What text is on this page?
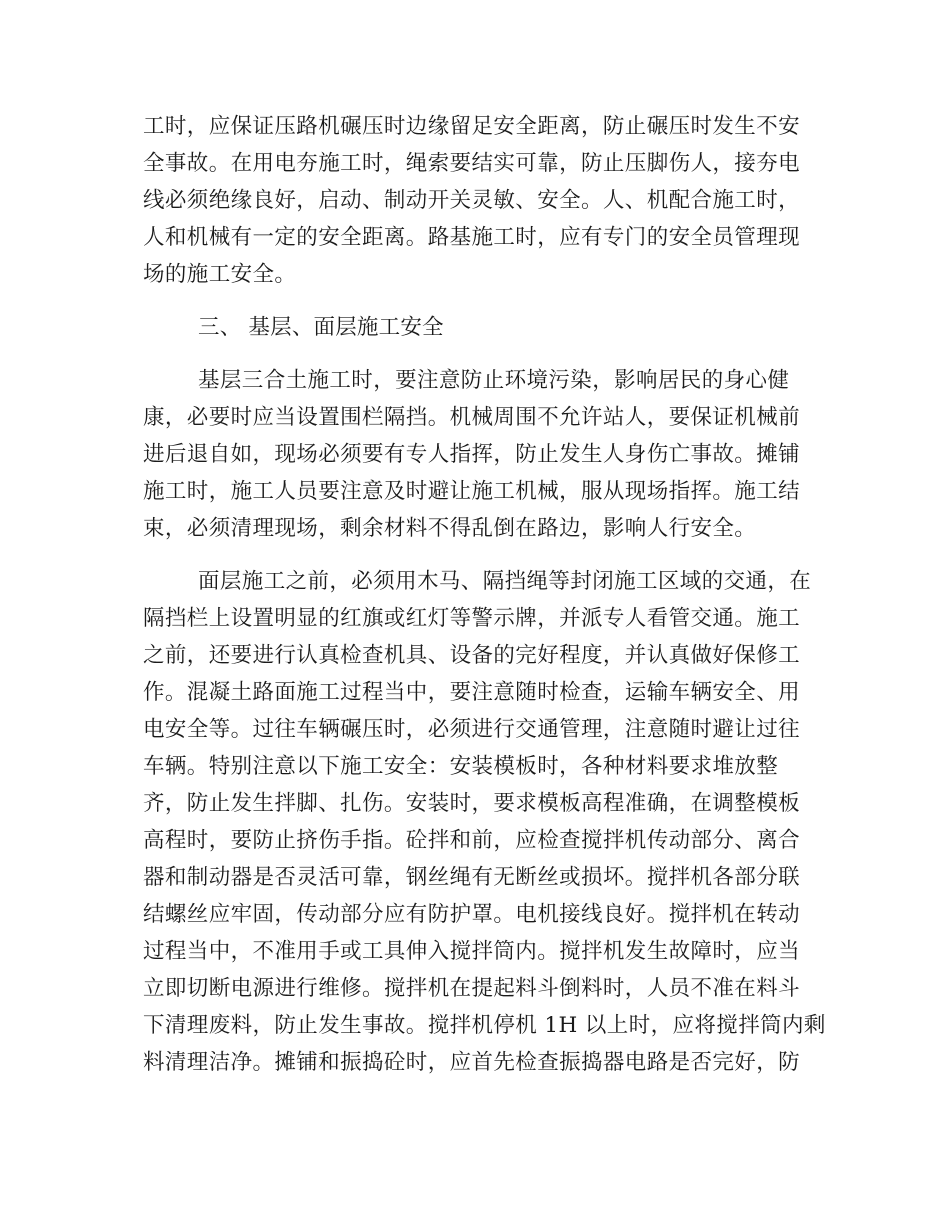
工时，应保证压路机碾压时边缘留足安全距离，防止碾压时发生不安
全事故。在用电夯施工时，绳索要结实可靠，防止压脚伤人，接夯电
线必须绝缘良好，启动、制动开关灵敏、安全。人、机配合施工时，
人和机械有一定的安全距离。路基施工时，应有专门的安全员管理现
场的施工安全。
三、 基层、面层施工安全
基层三合土施工时，要注意防止环境污染，影响居民的身心健
康，必要时应当设置围栏隔挡。机械周围不允许站人，要保证机械前
进后退自如，现场必须要有专人指挥，防止发生人身伤亡事故。摊铺
施工时，施工人员要注意及时避让施工机械，服从现场指挥。施工结
束，必须清理现场，剩余材料不得乱倒在路边，影响人行安全。
面层施工之前，必须用木马、隔挡绳等封闭施工区域的交通，在
隔挡栏上设置明显的红旗或红灯等警示牌，并派专人看管交通。施工
之前，还要进行认真检查机具、设备的完好程度，并认真做好保修工
作。混凝土路面施工过程当中，要注意随时检查，运输车辆安全、用
电安全等。过往车辆碾压时，必须进行交通管理，注意随时避让过往
车辆。特别注意以下施工安全：安装模板时，各种材料要求堆放整
齐，防止发生拌脚、扎伤。安装时，要求模板高程准确，在调整模板
高程时，要防止挤伤手指。砼拌和前，应检查搅拌机传动部分、离合
器和制动器是否灵活可靠，钢丝绳有无断丝或损坏。搅拌机各部分联
结螺丝应牢固，传动部分应有防护罩。电机接线良好。搅拌机在转动
过程当中，不准用手或工具伸入搅拌筒内。搅拌机发生故障时，应当
立即切断电源进行维修。搅拌机在提起料斗倒料时，人员不准在料斗
下清理废料，防止发生事故。搅拌机停机 1H 以上时，应将搅拌筒内剩
料清理洁净。摊铺和振捣砼时，应首先检查振捣器电路是否完好，防
